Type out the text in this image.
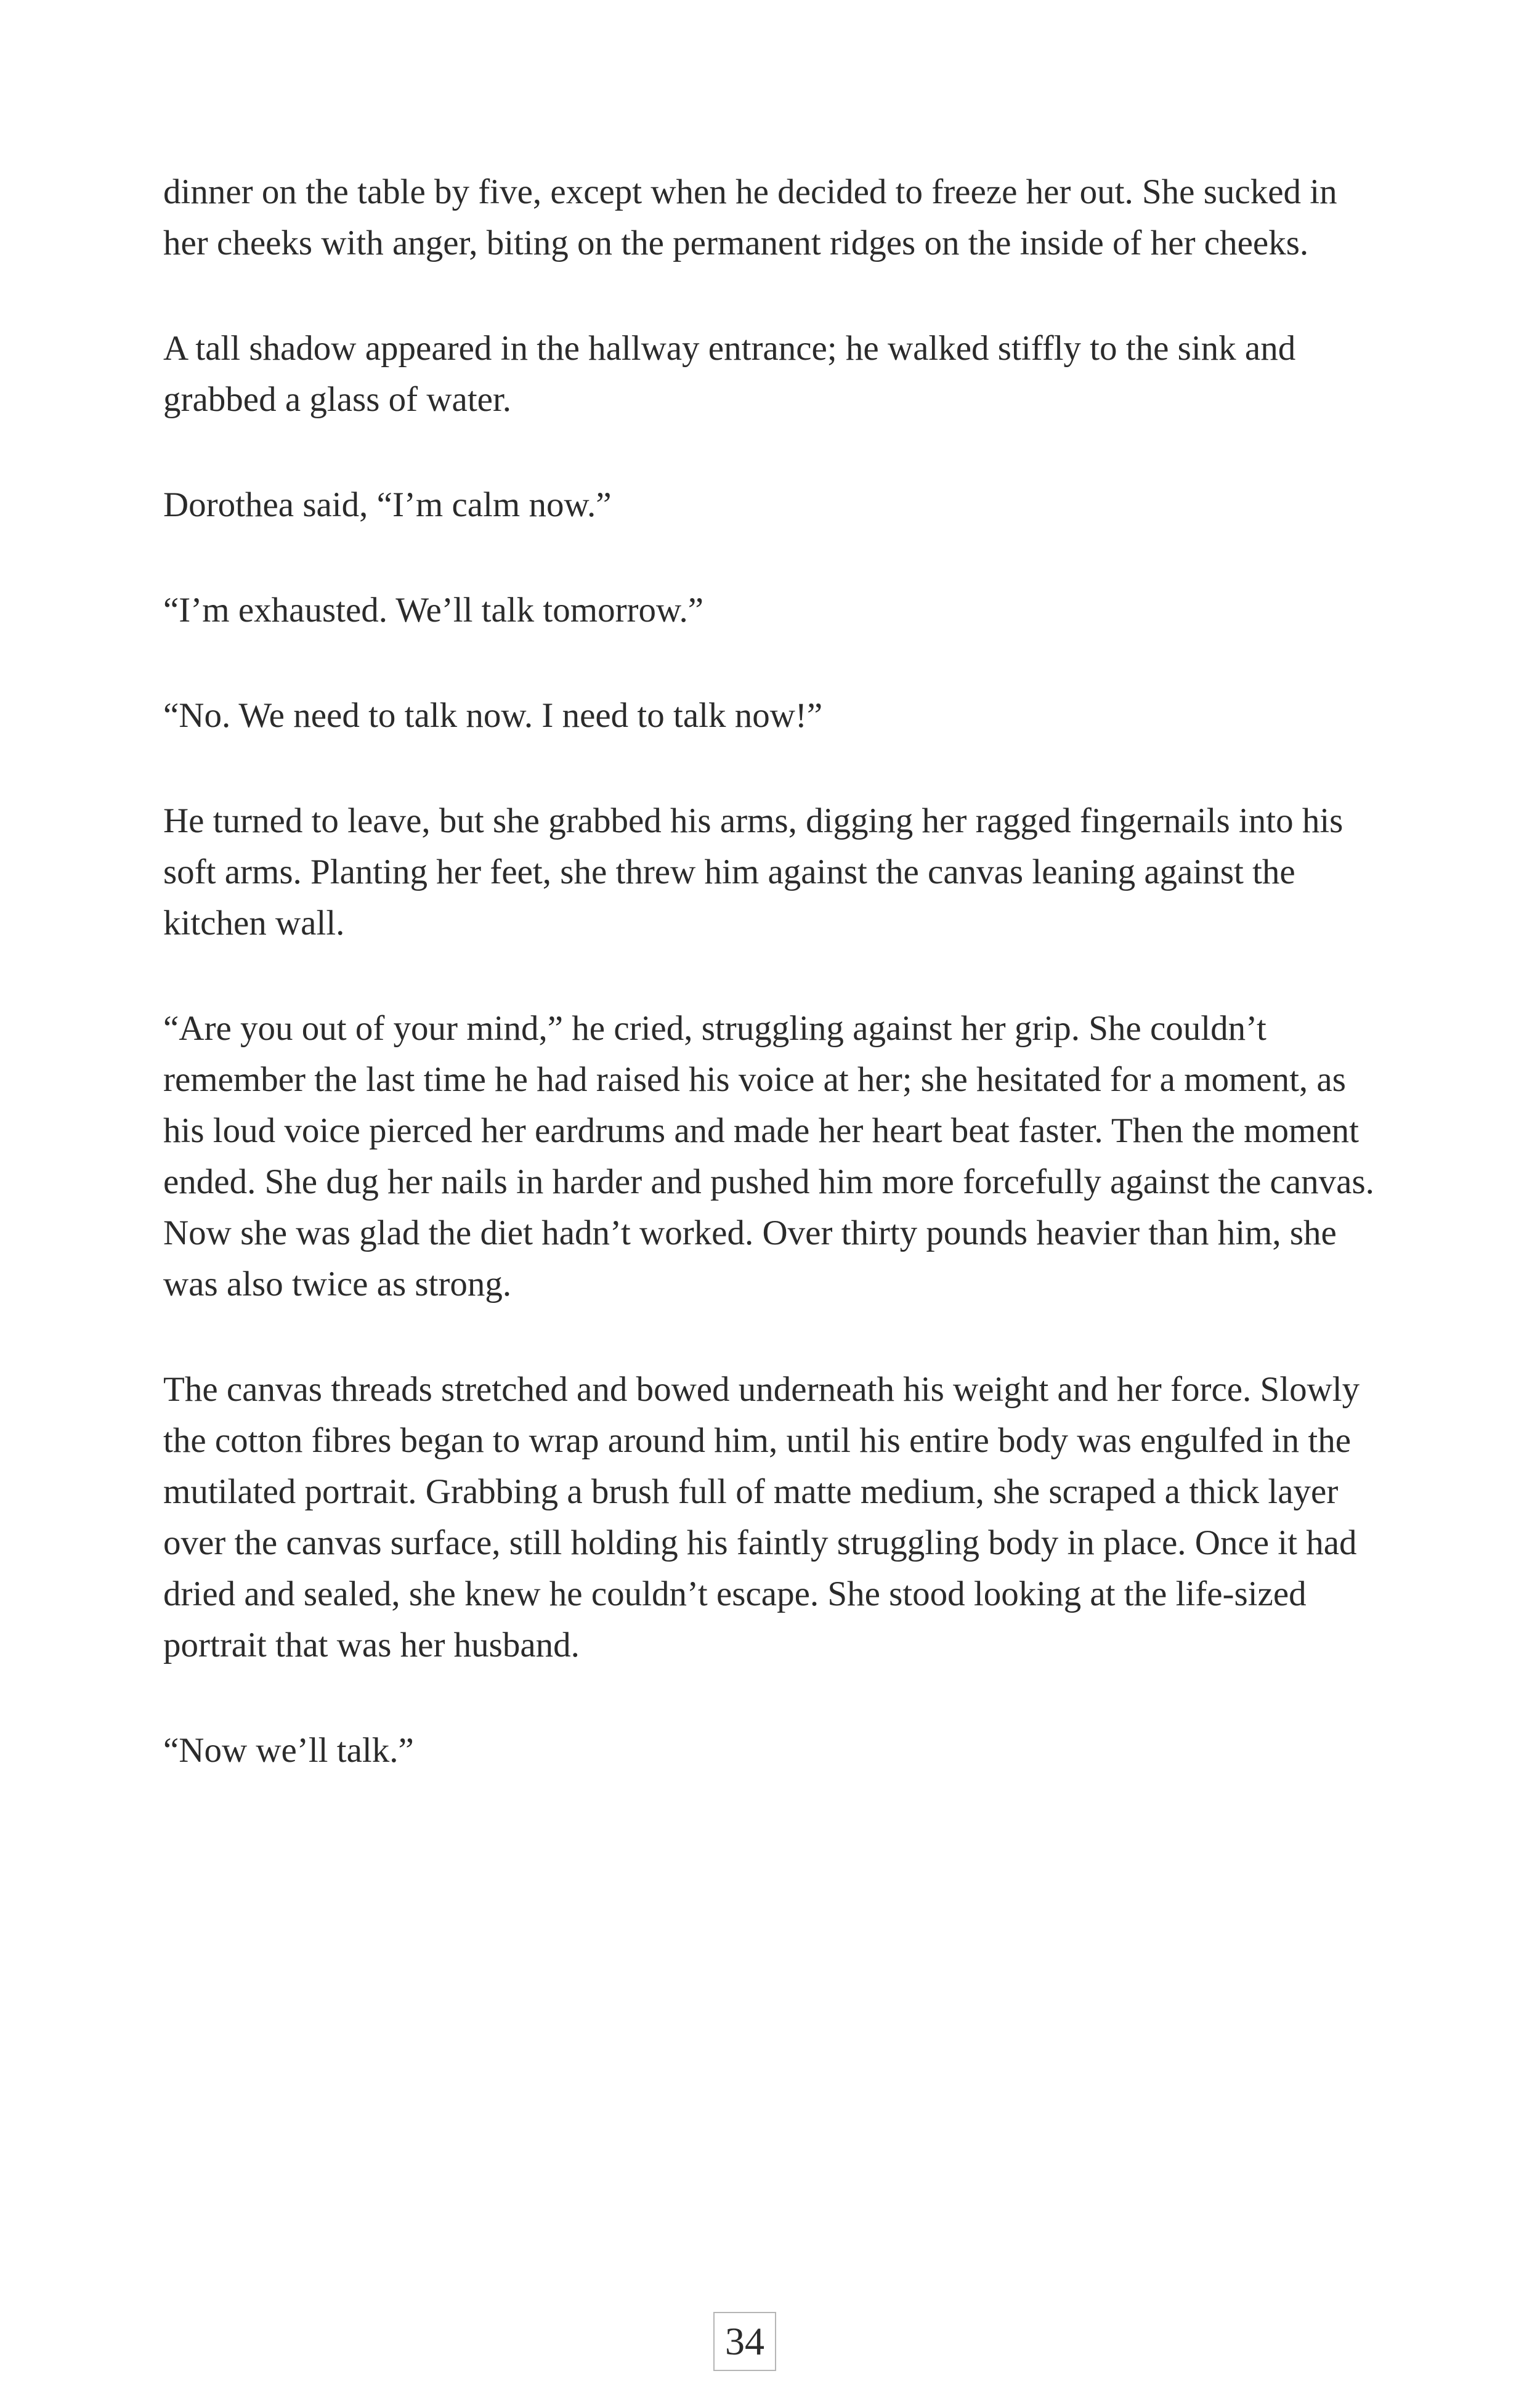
dinner on the table by five, except when he decided to freeze her out. She sucked in her cheeks with anger, biting on the permanent ridges on the inside of her cheeks.

A tall shadow appeared in the hallway entrance; he walked stiffly to the sink and grabbed a glass of water.

Dorothea said, “I’m calm now.”

“I’m exhausted. We’ll talk tomorrow.”

“No. We need to talk now. I need to talk now!”

He turned to leave, but she grabbed his arms, digging her ragged fingernails into his soft arms. Planting her feet, she threw him against the canvas leaning against the kitchen wall.

“Are you out of your mind,” he cried, struggling against her grip. She couldn’t remember the last time he had raised his voice at her; she hesitated for a moment, as his loud voice pierced her eardrums and made her heart beat faster. Then the moment ended. She dug her nails in harder and pushed him more forcefully against the canvas. Now she was glad the diet hadn’t worked. Over thirty pounds heavier than him, she was also twice as strong.

The canvas threads stretched and bowed underneath his weight and her force. Slowly the cotton fibres began to wrap around him, until his entire body was engulfed in the mutilated portrait. Grabbing a brush full of matte medium, she scraped a thick layer over the canvas surface, still holding his faintly struggling body in place. Once it had dried and sealed, she knew he couldn’t escape. She stood looking at the life-sized portrait that was her husband.

“Now we’ll talk.”

34
